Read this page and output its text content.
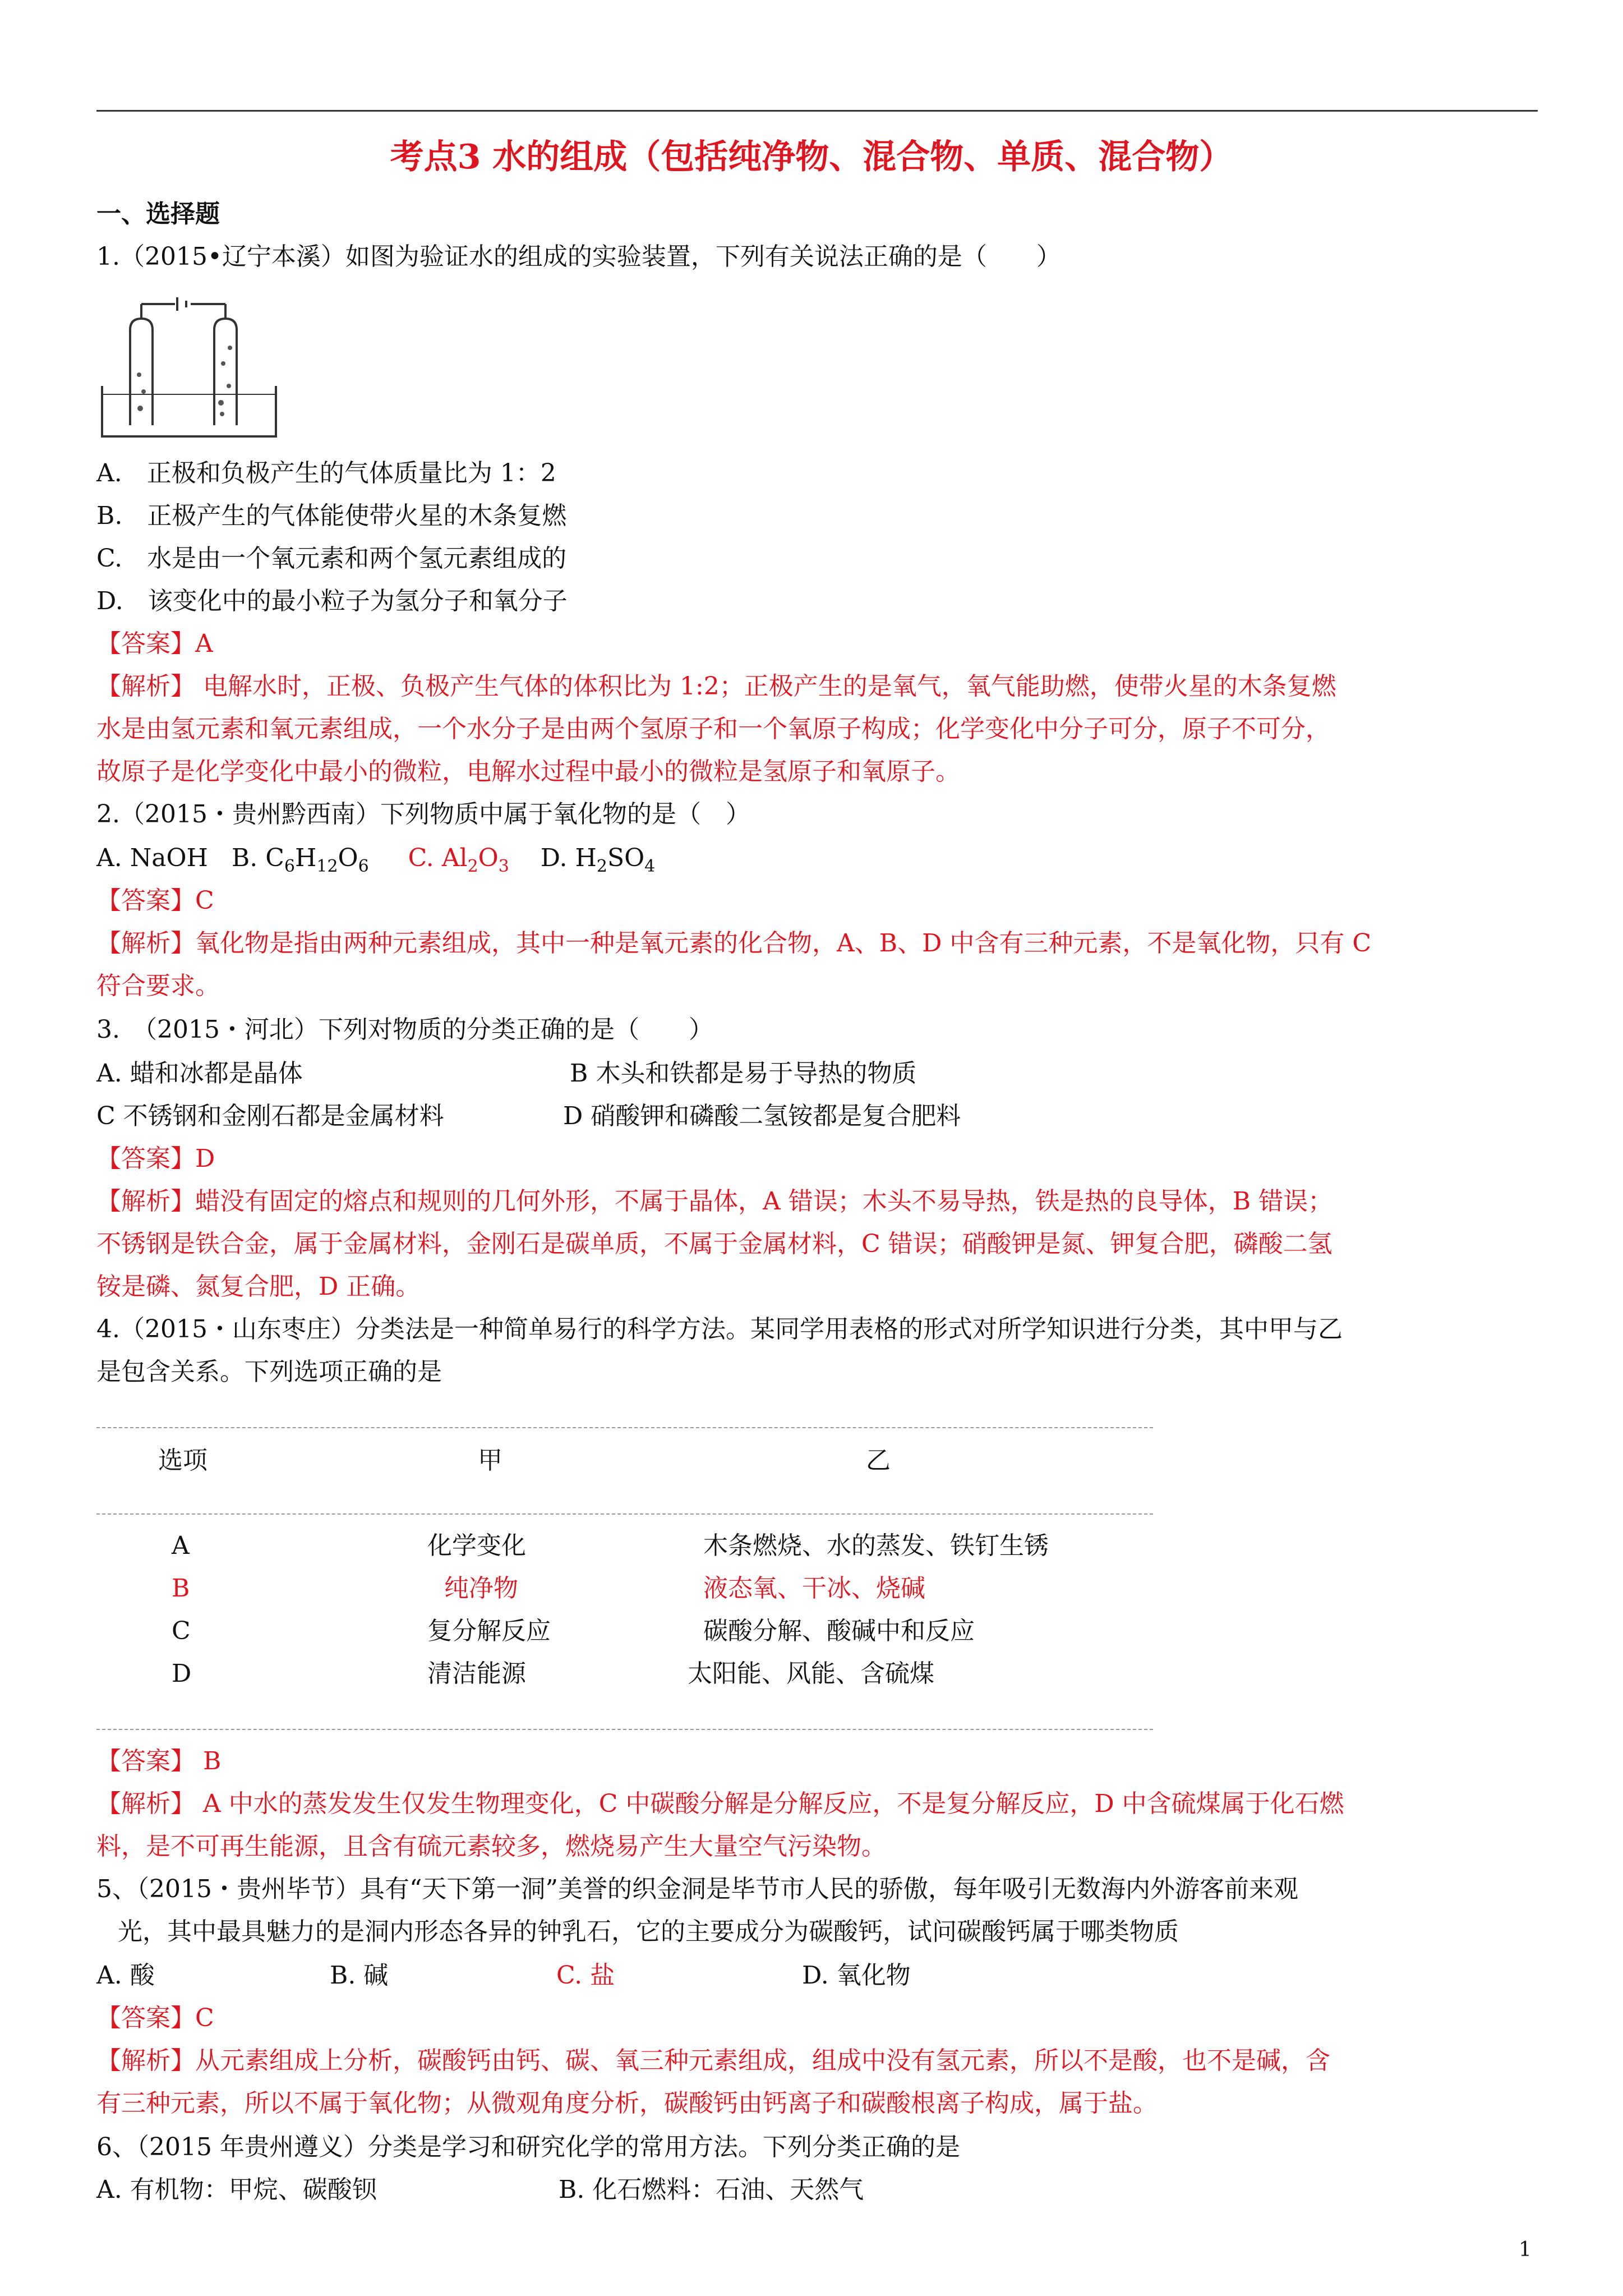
考点3 水的组成（包括纯净物、混合物、单质、混合物）
一、选择题
1.（2015•辽宁本溪）如图为验证水的组成的实验装置，下列有关说法正确的是（　　）
A.　正极和负极产生的气体质量比为 1：2
B.　正极产生的气体能使带火星的木条复燃
C.　水是由一个氧元素和两个氢元素组成的
D.　该变化中的最小粒子为氢分子和氧分子
【答案】A
【解析】 电解水时，正极、负极产生气体的体积比为 1:2；正极产生的是氧气，氧气能助燃，使带火星的木条复燃
水是由氢元素和氧元素组成，一个水分子是由两个氢原子和一个氧原子构成；化学变化中分子可分，原子不可分，
故原子是化学变化中最小的微粒，电解水过程中最小的微粒是氢原子和氧原子。
2.（2015・贵州黔西南）下列物质中属于氧化物的是（　）
A. NaOH B. $C_6H_{12}O_6$ C. $Al_2O_3$ D. $H_2SO_4$
【答案】C
【解析】氧化物是指由两种元素组成，其中一种是氧元素的化合物，A、B、D 中含有三种元素，不是氧化物，只有 C
符合要求。
3.　（2015・河北）下列对物质的分类正确的是（　　）
A. 蜡和冰都是晶体	B 木头和铁都是易于导热的物质
C 不锈钢和金刚石都是金属材料	D 硝酸钾和磷酸二氢铵都是复合肥料
【答案】D
【解析】蜡没有固定的熔点和规则的几何外形，不属于晶体，A 错误；木头不易导热，铁是热的良导体，B 错误；
不锈钢是铁合金，属于金属材料，金刚石是碳单质，不属于金属材料，C 错误；硝酸钾是氮、钾复合肥，磷酸二氢
铵是磷、氮复合肥，D 正确。
4.（2015・山东枣庄）分类法是一种简单易行的科学方法。某同学用表格的形式对所学知识进行分类，其中甲与乙
是包含关系。下列选项正确的是
选项	甲	乙
A	化学变化	木条燃烧、水的蒸发、铁钉生锈
B	纯净物	液态氧、干冰、烧碱
C	复分解反应	碳酸分解、酸碱中和反应
D	清洁能源	太阳能、风能、含硫煤
【答案】 B
【解析】 A 中水的蒸发发生仅发生物理变化，C 中碳酸分解是分解反应，不是复分解反应，D 中含硫煤属于化石燃
料，是不可再生能源，且含有硫元素较多，燃烧易产生大量空气污染物。
5、（2015・贵州毕节）具有“天下第一洞”美誉的织金洞是毕节市人民的骄傲，每年吸引无数海内外游客前来观
光，其中最具魅力的是洞内形态各异的钟乳石，它的主要成分为碳酸钙，试问碳酸钙属于哪类物质
A. 酸	B. 碱	C. 盐	D. 氧化物
【答案】C
【解析】从元素组成上分析，碳酸钙由钙、碳、氧三种元素组成，组成中没有氢元素，所以不是酸，也不是碱，含
有三种元素，所以不属于氧化物；从微观角度分析，碳酸钙由钙离子和碳酸根离子构成，属于盐。
6、（2015 年贵州遵义）分类是学习和研究化学的常用方法。下列分类正确的是
A. 有机物：甲烷、碳酸钡	B. 化石燃料：石油、天然气
1
